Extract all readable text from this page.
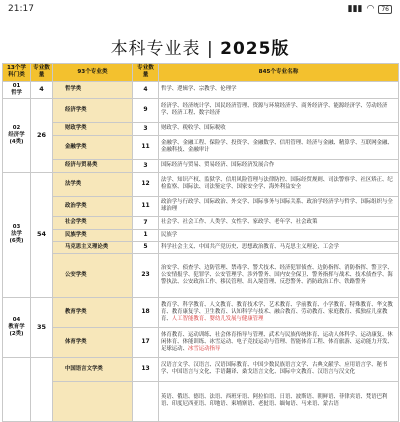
21:17	▮▮▮ ◠	76
本科专业表 | 2025版
13个学科门类	专业数量	93个专业类	专业数量	845个专业名称
01
哲学	4	哲学类	4	哲学、逻辑学、宗教学、伦理学
02
经济学
(4类)	26	经济学类	9	经济学、经济统计学、国民经济管理、资源与环境经济学、商务经济学、能源经济学、劳动经济学、经济工程、数字经济
		财政学类	3	财政学、税收学、国际税收
		金融学类	11	金融学、金融工程、保险学、投资学、金融数学、信用管理、经济与金融、精算学、互联网金融、金融科技、金融审计
		经济与贸易类	3	国际经济与贸易、贸易经济、国际经济发展合作
03
法学
(6类)	54	法学类	12	法学、知识产权、监狱学、信用风险管理与法律防控、国际经贸规则、司法警察学、社区矫正、纪检监察、国际法、司法鉴定学、国家安全学、海外利益安全
		政治学类	11	政治学与行政学、国际政治、外交学、国际事务与国际关系、政治学经济学与哲学、国际组织与全球治理
		社会学类	7	社会学、社会工作、人类学、女性学、家政学、老年学、社会政策
		民族学类	1	民族学
		马克思主义理论类	5	科学社会主义、中国共产党历史、思想政治教育、马克思主义理论、工会学
		公安学类	23	治安学、侦查学、边防管理、禁毒学、警犬技术、经济犯罪侦查、边防指挥、消防指挥、警卫学、公安情报学、犯罪学、公安管理学、涉外警务、国内安全保卫、警务指挥与战术、技术侦查学、海警执法、公安政治工作、移民管理、出入境管理、反恐警务、消防政治工作、铁路警务
04
教育学
(2类)	35	教育学类	18	教育学、科学教育、人文教育、教育技术学、艺术教育、学前教育、小学教育、特殊教育、华文教育、教育康复学、卫生教育、认知科学与技术、融合教育、劳动教育、家庭教育、孤独症儿童教育、人工智能教育、婴幼儿发展与健康管理
		体育学类	17	体育教育、运动训练、社会体育指导与管理、武术与民族传统体育、运动人体科学、运动康复、休闲体育、体能训练、冰雪运动、电子竞技运动与管理、智能体育工程、体育旅游、运动能力开发、足球运动、冰雪运动指导
		中国语言文学类	13	汉语言文学、汉语言、汉语国际教育、中国少数民族语言文学、古典文献学、应用语言学、秘书学、中国语言与文化、手语翻译、桑戈语言文化、国际中文教育、汉语言与汉文化
				英语、俄语、德语、法语、西班牙语、阿拉伯语、日语、波斯语、朝鲜语、菲律宾语、梵语巴利语、印度尼西亚语、印地语、柬埔寨语、老挝语、缅甸语、马来语、蒙古语
